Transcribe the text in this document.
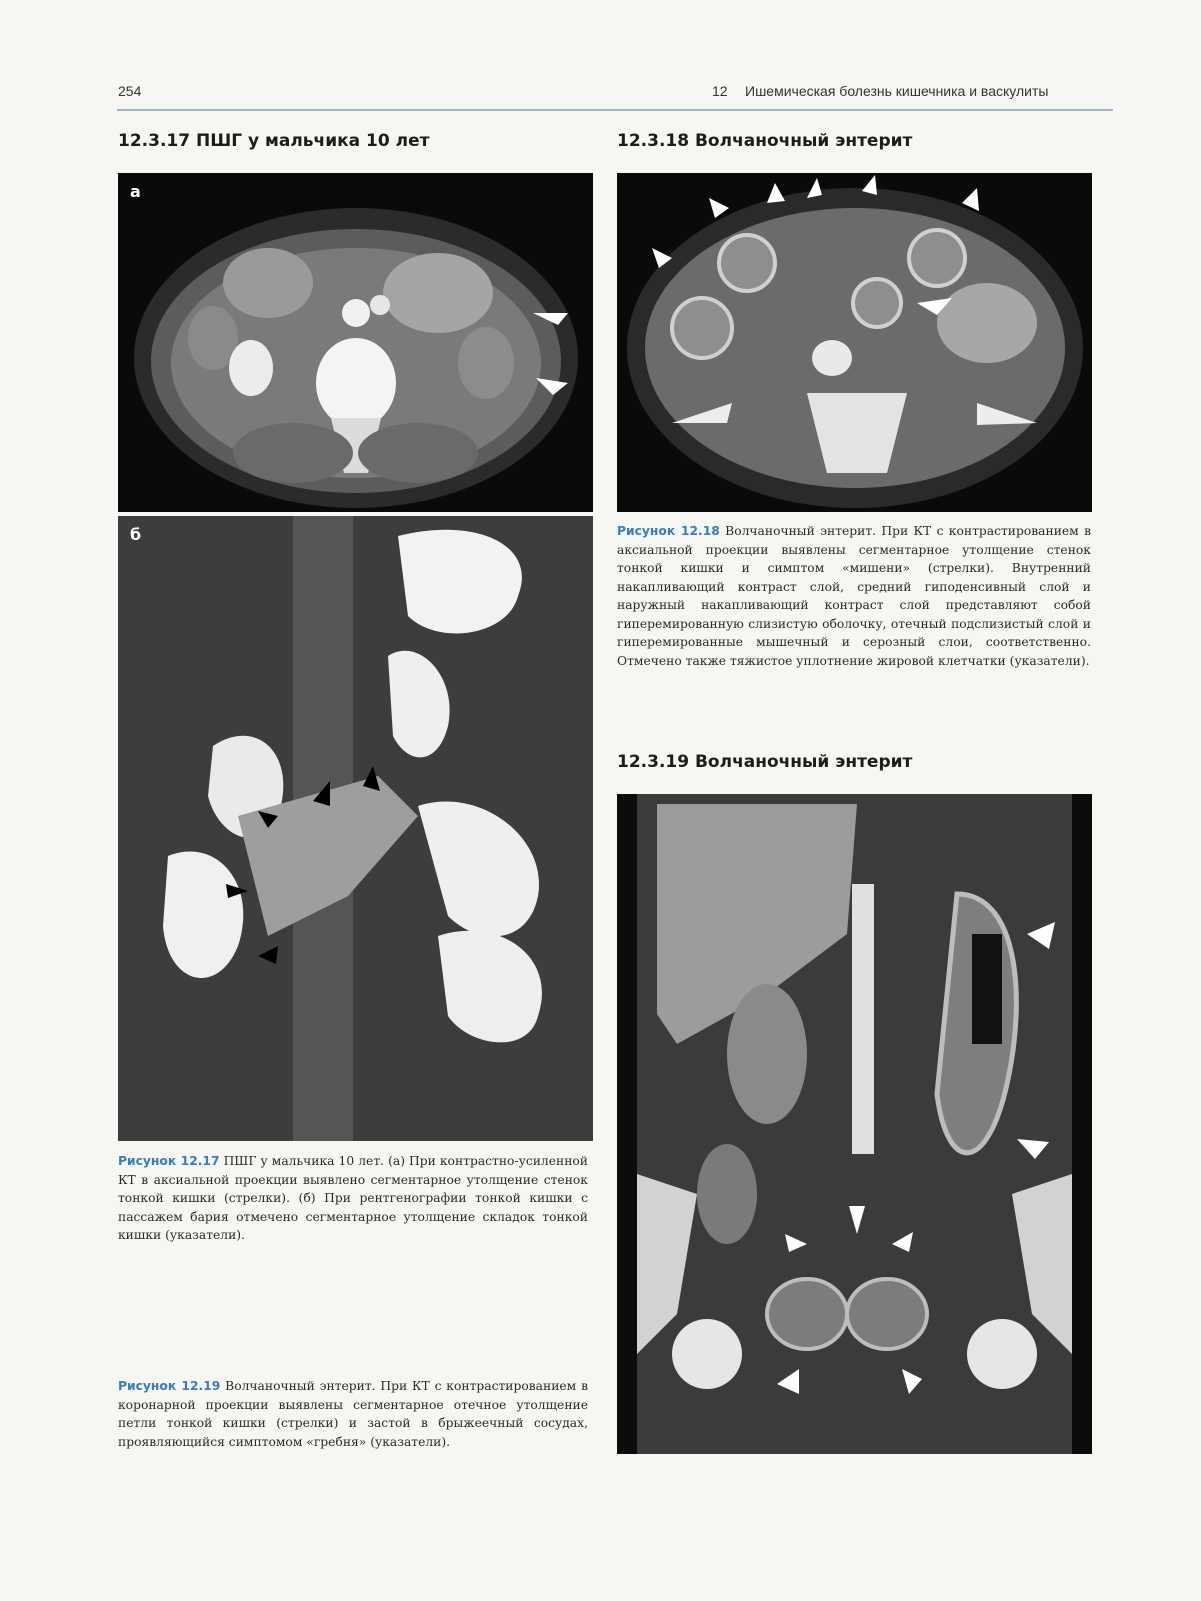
254	12 Ишемическая болезнь кишечника и васкулиты
12.3.17 ПШГ у мальчика 10 лет	12.3.18 Волчаночный энтерит
12.3.19 Волчаночный энтерит
а
б
Рисунок 12.17 ПШГ у мальчика 10 лет. (а) При контрастно-усиленной КТ в аксиальной проекции выявлено сегментарное утолщение стенок тонкой кишки (стрелки). (б) При рентгенографии тонкой кишки с пассажем бария отмечено сегментарное утолщение складок тонкой кишки (указатели).
Рисунок 12.18 Волчаночный энтерит. При КТ с контрастированием в аксиальной проекции выявлены сегментарное утолщение стенок тонкой кишки и симптом «мишени» (стрелки). Внутренний накапливающий контраст слой, средний гиподенсивный слой и наружный накапливающий контраст слой представляют собой гиперемированную слизистую оболочку, отечный подслизистый слой и гиперемированные мышечный и серозный слои, соответственно. Отмечено также тяжистое уплотнение жировой клетчатки (указатели).
Рисунок 12.19 Волчаночный энтерит. При КТ с контрастированием в коронарной проекции выявлены сегментарное отечное утолщение петли тонкой кишки (стрелки) и застой в брыжеечный сосудах, проявляющийся симптомом «гребня» (указатели).
